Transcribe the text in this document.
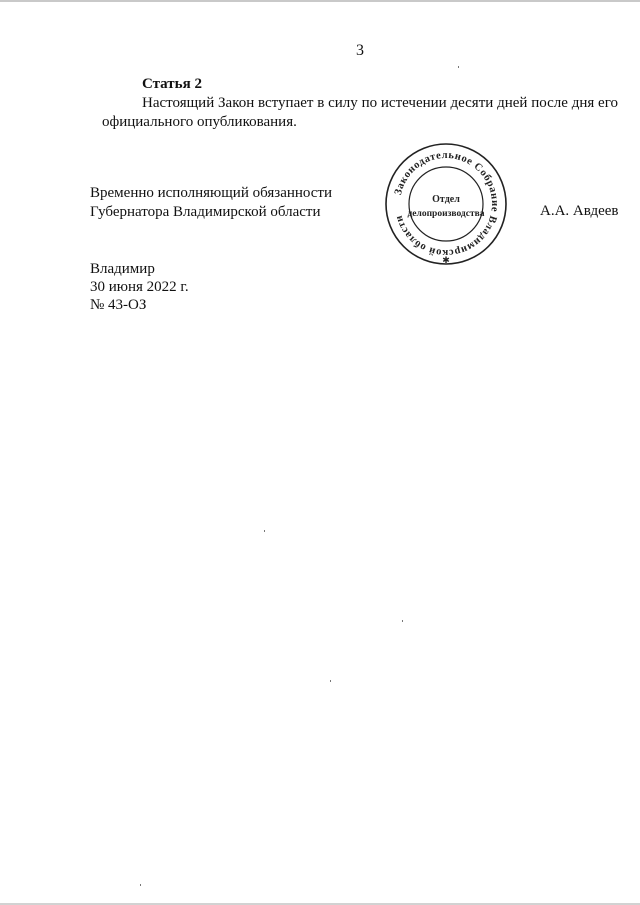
3
Статья 2
Настоящий Закон вступает в силу по истечении десяти дней после дня его официального опубликования.
Временно исполняющий обязанности
Губернатора Владимирской области
Законодательное Собрание Владимирской области
✱
Отдел
делопроизводства	А.А. Авдеев
Владимир
30 июня 2022 г.
№ 43-ОЗ
